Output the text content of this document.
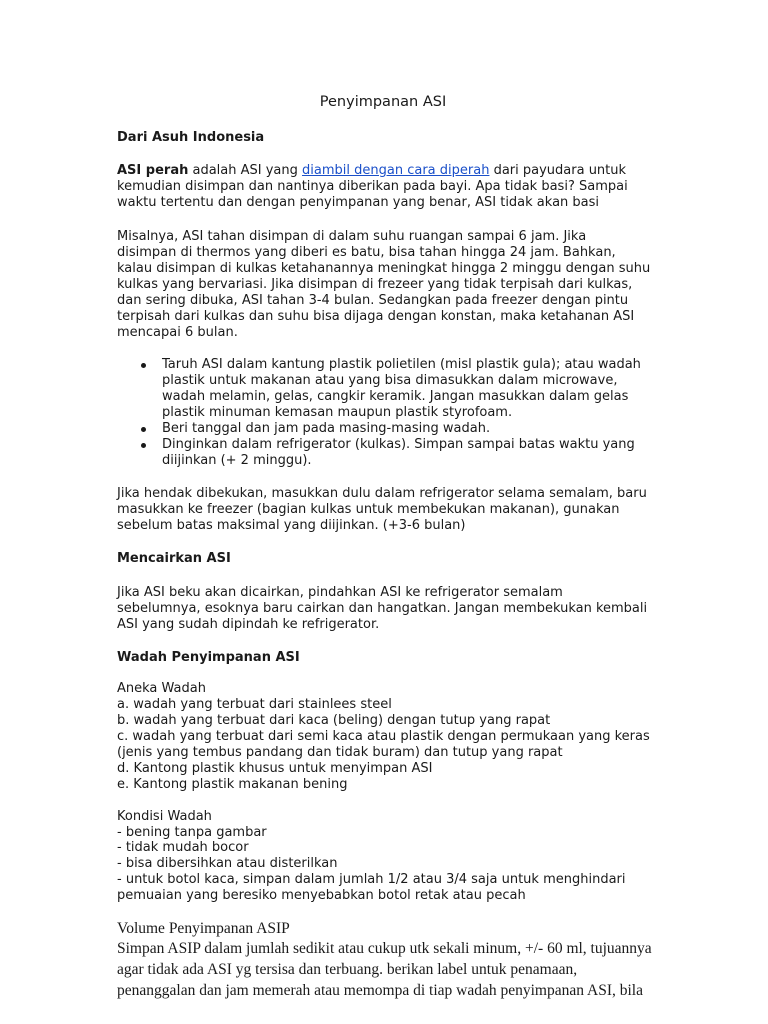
Penyimpanan ASI

Dari Asuh Indonesia

ASI perah adalah ASI yang diambil dengan cara diperah dari payudara untuk

kemudian disimpan dan nantinya diberikan pada bayi. Apa tidak basi? Sampai

waktu tertentu dan dengan penyimpanan yang benar, ASI tidak akan basi

Misalnya, ASI tahan disimpan di dalam suhu ruangan sampai 6 jam. Jika

disimpan di thermos yang diberi es batu, bisa tahan hingga 24 jam. Bahkan,

kalau disimpan di kulkas ketahanannya meningkat hingga 2 minggu dengan suhu

kulkas yang bervariasi. Jika disimpan di frezeer yang tidak terpisah dari kulkas,

dan sering dibuka, ASI tahan 3-4 bulan. Sedangkan pada freezer dengan pintu

terpisah dari kulkas dan suhu bisa dijaga dengan konstan, maka ketahanan ASI

mencapai 6 bulan.

Taruh ASI dalam kantung plastik polietilen (misl plastik gula); atau wadah

plastik untuk makanan atau yang bisa dimasukkan dalam microwave,

wadah melamin, gelas, cangkir keramik. Jangan masukkan dalam gelas

plastik minuman kemasan maupun plastik styrofoam.

Beri tanggal dan jam pada masing-masing wadah.

Dinginkan dalam refrigerator (kulkas). Simpan sampai batas waktu yang

diijinkan (+ 2 minggu).

Jika hendak dibekukan, masukkan dulu dalam refrigerator selama semalam, baru

masukkan ke freezer (bagian kulkas untuk membekukan makanan), gunakan

sebelum batas maksimal yang diijinkan. (+3-6 bulan)

Mencairkan ASI

Jika ASI beku akan dicairkan, pindahkan ASI ke refrigerator semalam

sebelumnya, esoknya baru cairkan dan hangatkan. Jangan membekukan kembali

ASI yang sudah dipindah ke refrigerator.

Wadah Penyimpanan ASI

Aneka Wadah

a. wadah yang terbuat dari stainlees steel

b. wadah yang terbuat dari kaca (beling) dengan tutup yang rapat

c. wadah yang terbuat dari semi kaca atau plastik dengan permukaan yang keras

(jenis yang tembus pandang dan tidak buram) dan tutup yang rapat

d. Kantong plastik khusus untuk menyimpan ASI

e. Kantong plastik makanan bening

Kondisi Wadah

- bening tanpa gambar

- tidak mudah bocor

- bisa dibersihkan atau disterilkan

- untuk botol kaca, simpan dalam jumlah 1/2 atau 3/4 saja untuk menghindari

pemuaian yang beresiko menyebabkan botol retak atau pecah

Volume Penyimpanan ASIP

Simpan ASIP dalam jumlah sedikit atau cukup utk sekali minum, +/- 60 ml, tujuannya

agar tidak ada ASI yg tersisa dan terbuang. berikan label untuk penamaan,

penanggalan dan jam memerah atau memompa di tiap wadah penyimpanan ASI, bila
